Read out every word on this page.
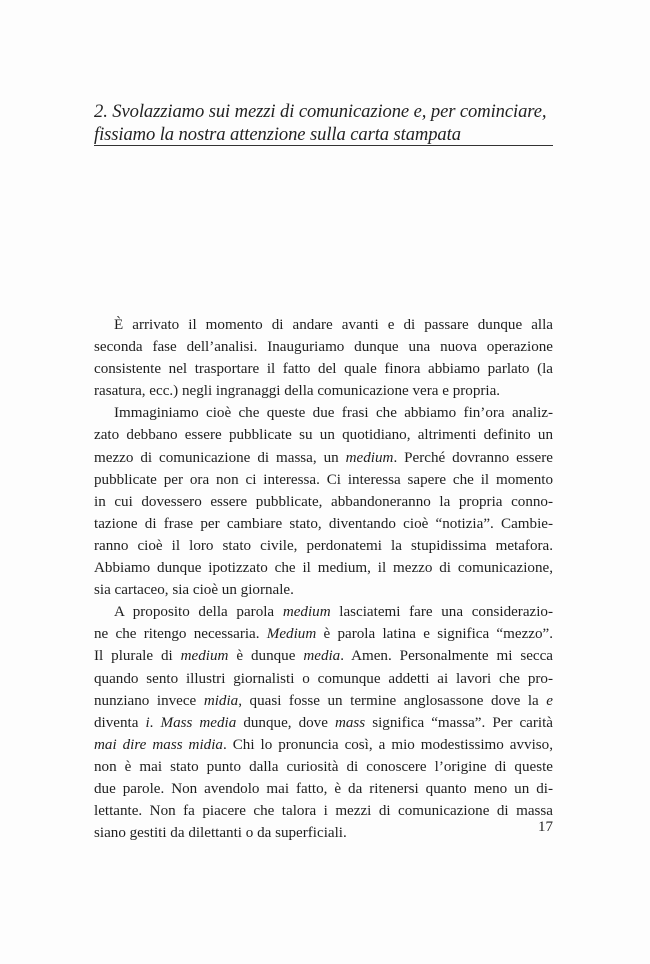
2. Svolazziamo sui mezzi di comunicazione e, per cominciare,
fissiamo la nostra attenzione sulla carta stampata

È arrivato il momento di andare avanti e di passare dunque alla
seconda fase dell’analisi. Inauguriamo dunque una nuova operazione
consistente nel trasportare il fatto del quale finora abbiamo parlato (la
rasatura, ecc.) negli ingranaggi della comunicazione vera e propria.

Immaginiamo cioè che queste due frasi che abbiamo fin’ora analiz-
zato debbano essere pubblicate su un quotidiano, altrimenti definito un
mezzo di comunicazione di massa, un medium. Perché dovranno essere
pubblicate per ora non ci interessa. Ci interessa sapere che il momento
in cui dovessero essere pubblicate, abbandoneranno la propria conno-
tazione di frase per cambiare stato, diventando cioè “notizia”. Cambie-
ranno cioè il loro stato civile, perdonatemi la stupidissima metafora.
Abbiamo dunque ipotizzato che il medium, il mezzo di comunicazione,
sia cartaceo, sia cioè un giornale.

A proposito della parola medium lasciatemi fare una considerazio-
ne che ritengo necessaria. Medium è parola latina e significa “mezzo”.
Il plurale di medium è dunque media. Amen. Personalmente mi secca
quando sento illustri giornalisti o comunque addetti ai lavori che pro-
nunziano invece midia, quasi fosse un termine anglosassone dove la e
diventa i. Mass media dunque, dove mass significa “massa”. Per carità
mai dire mass midia. Chi lo pronuncia così, a mio modestissimo avviso,
non è mai stato punto dalla curiosità di conoscere l’origine di queste
due parole. Non avendolo mai fatto, è da ritenersi quanto meno un di-
lettante. Non fa piacere che talora i mezzi di comunicazione di massa
siano gestiti da dilettanti o da superficiali.	17
